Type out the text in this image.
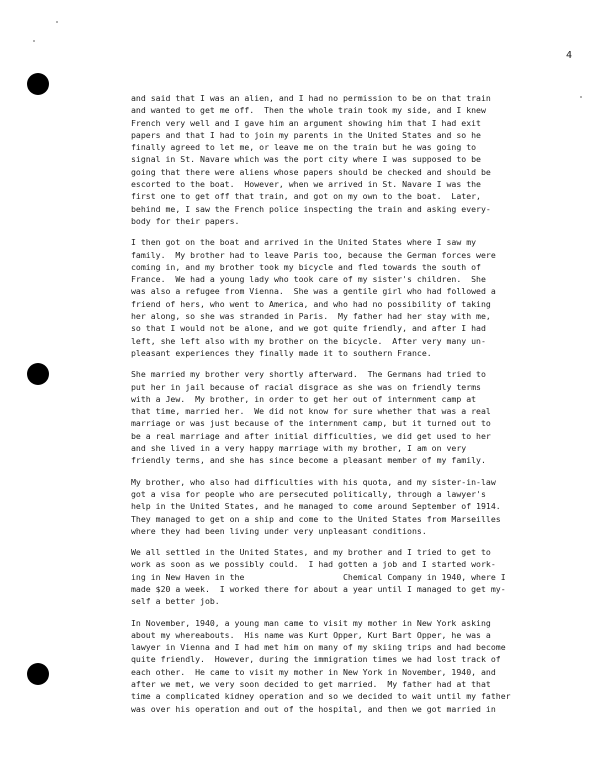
4
and said that I was an alien, and I had no permission to be on that train
and wanted to get me off.  Then the whole train took my side, and I knew
French very well and I gave him an argument showing him that I had exit
papers and that I had to join my parents in the United States and so he
finally agreed to let me, or leave me on the train but he was going to
signal in St. Navare which was the port city where I was supposed to be
going that there were aliens whose papers should be checked and should be
escorted to the boat.  However, when we arrived in St. Navare I was the
first one to get off that train, and got on my own to the boat.  Later,
behind me, I saw the French police inspecting the train and asking every-
body for their papers.
I then got on the boat and arrived in the United States where I saw my
family.  My brother had to leave Paris too, because the German forces were
coming in, and my brother took my bicycle and fled towards the south of
France.  We had a young lady who took care of my sister's children.  She
was also a refugee from Vienna.  She was a gentile girl who had followed a
friend of hers, who went to America, and who had no possibility of taking
her along, so she was stranded in Paris.  My father had her stay with me,
so that I would not be alone, and we got quite friendly, and after I had
left, she left also with my brother on the bicycle.  After very many un-
pleasant experiences they finally made it to southern France.
She married my brother very shortly afterward.  The Germans had tried to
put her in jail because of racial disgrace as she was on friendly terms
with a Jew.  My brother, in order to get her out of internment camp at
that time, married her.  We did not know for sure whether that was a real
marriage or was just because of the internment camp, but it turned out to
be a real marriage and after initial difficulties, we did get used to her
and she lived in a very happy marriage with my brother, I am on very
friendly terms, and she has since become a pleasant member of my family.
My brother, who also had difficulties with his quota, and my sister-in-law
got a visa for people who are persecuted politically, through a lawyer's
help in the United States, and he managed to come around September of 1914.
They managed to get on a ship and come to the United States from Marseilles
where they had been living under very unpleasant conditions.
We all settled in the United States, and my brother and I tried to get to
work as soon as we possibly could.  I had gotten a job and I started work-
ing in New Haven in the                    Chemical Company in 1940, where I
made $20 a week.  I worked there for about a year until I managed to get my-
self a better job.
In November, 1940, a young man came to visit my mother in New York asking
about my whereabouts.  His name was Kurt Opper, Kurt Bart Opper, he was a
lawyer in Vienna and I had met him on many of my skiing trips and had become
quite friendly.  However, during the immigration times we had lost track of
each other.  He came to visit my mother in New York in November, 1940, and
after we met, we very soon decided to get married.  My father had at that
time a complicated kidney operation and so we decided to wait until my father
was over his operation and out of the hospital, and then we got married in
